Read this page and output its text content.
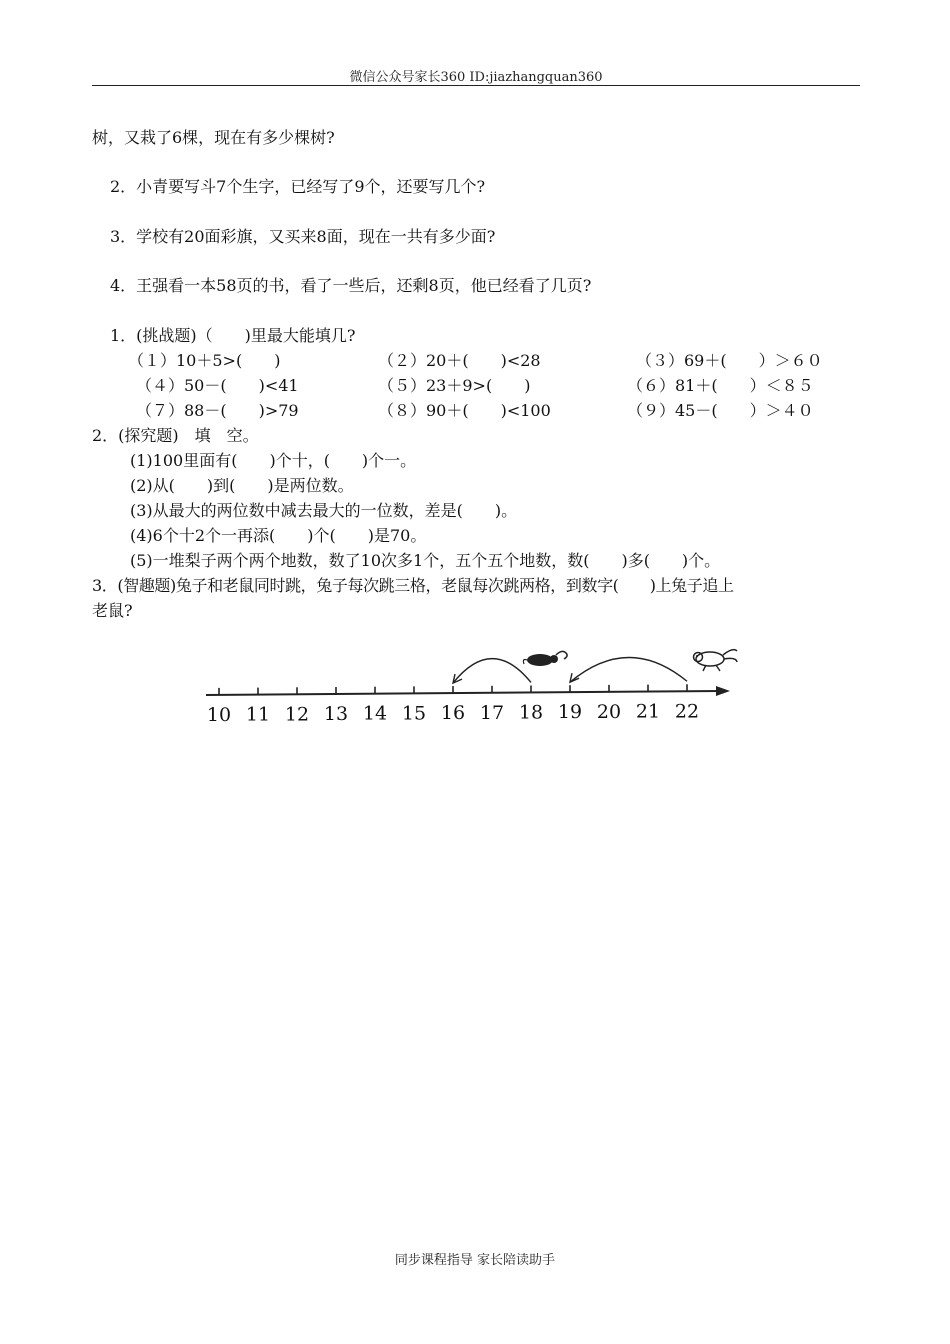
微信公众号家长360 ID:jiazhangquan360
树，又栽了6棵，现在有多少棵树?
2．小青要写斗7个生字，已经写了9个，还要写几个?
3．学校有20面彩旗，又买来8面，现在一共有多少面?
4．王强看一本58页的书，看了一些后，还剩8页，他已经看了几页?
1．(挑战题)（　　)里最大能填几?
（１）10＋5>(　　)	（２）20＋(　　)<28	（３）69＋(　　）＞６０
（４）50－(　　)<41	（５）23＋9>(　　)	（６）81＋(　　）＜８５
（７）88－(　　)>79	（８）90＋(　　)<100	（９）45－(　　）＞４０
2．(探究题)　填　空。
(1)100里面有(　　)个十，(　　)个一。
(2)从(　　)到(　　)是两位数。
(3)从最大的两位数中减去最大的一位数，差是(　　)。
(4)6个十2个一再添(　　)个(　　)是70。
(5)一堆梨子两个两个地数，数了10次多1个，五个五个地数，数(　　)多(　　)个。
3．(智趣题)兔子和老鼠同时跳，兔子每次跳三格，老鼠每次跳两格，到数字(　　)上兔子追上
老鼠?
10 11 12 13 14 15 16 17 18 19 20 21 22
同步课程指导 家长陪读助手
